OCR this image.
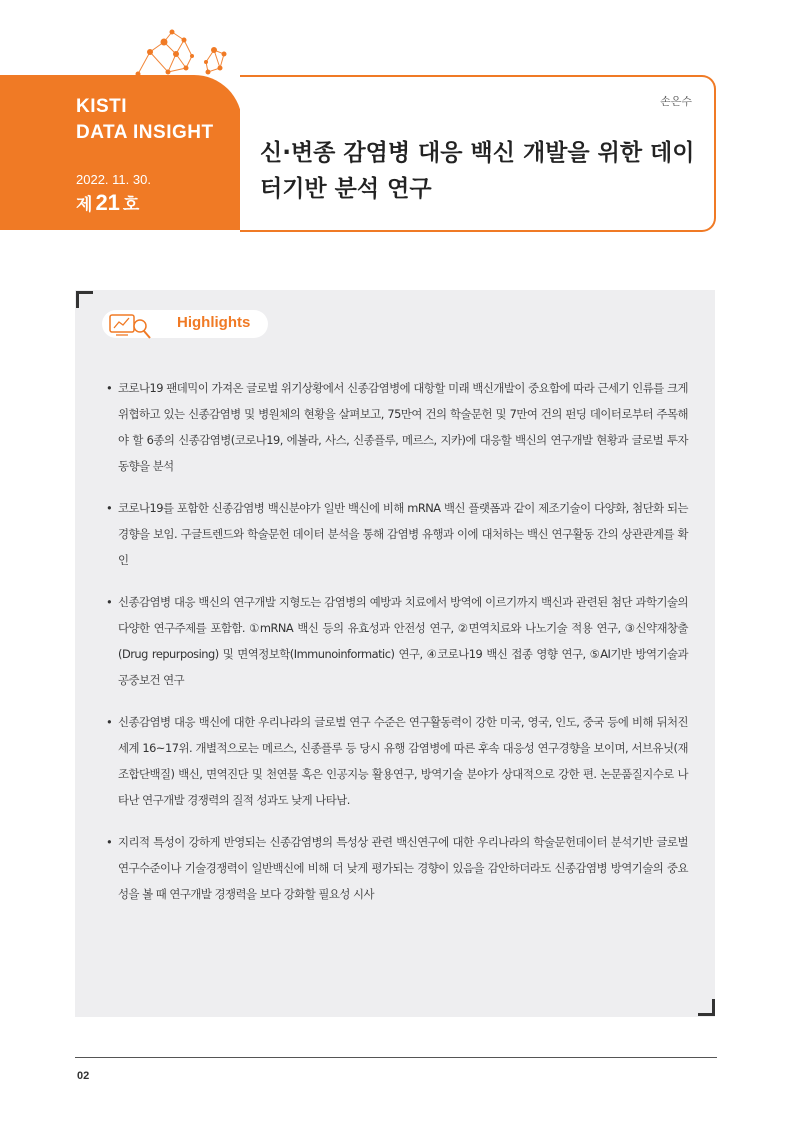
KISTI
DATA INSIGHT
2022. 11. 30.
제 21 호
손은수
신·변종 감염병 대응 백신 개발을 위한 데이터기반 분석 연구
Highlights
• 코로나19 팬데믹이 가져온 글로벌 위기상황에서 신종감염병에 대항할 미래 백신개발이 중요함에 따라 근세기 인류를 크게 위협하고 있는 신종감염병 및 병원체의 현황을 살펴보고, 75만여 건의 학술문헌 및 7만여 건의 펀딩 데이터로부터 주목해야 할 6종의 신종감염병(코로나19, 에볼라, 사스, 신종플루, 메르스, 지카)에 대응할 백신의 연구개발 현황과 글로벌 투자 동향을 분석
• 코로나19를 포함한 신종감염병 백신분야가 일반 백신에 비해 mRNA 백신 플랫폼과 같이 제조기술이 다양화, 첨단화 되는 경향을 보임. 구글트렌드와 학술문헌 데이터 분석을 통해 감염병 유행과 이에 대처하는 백신 연구활동 간의 상관관계를 확인
• 신종감염병 대응 백신의 연구개발 지형도는 감염병의 예방과 치료에서 방역에 이르기까지 백신과 관련된 첨단 과학기술의 다양한 연구주제를 포함함. ①mRNA 백신 등의 유효성과 안전성 연구, ②면역치료와 나노기술 적용 연구, ③신약재창출(Drug repurposing) 및 면역정보학(Immunoinformatic) 연구, ④코로나19 백신 접종 영향 연구, ⑤AI기반 방역기술과 공중보건 연구
• 신종감염병 대응 백신에 대한 우리나라의 글로벌 연구 수준은 연구활동력이 강한 미국, 영국, 인도, 중국 등에 비해 뒤처진 세계 16~17위. 개별적으로는 메르스, 신종플루 등 당시 유행 감염병에 따른 후속 대응성 연구경향을 보이며, 서브유닛(재조합단백질) 백신, 면역진단 및 천연물 혹은 인공지능 활용연구, 방역기술 분야가 상대적으로 강한 편. 논문품질지수로 나타난 연구개발 경쟁력의 질적 성과도 낮게 나타남.
• 지리적 특성이 강하게 반영되는 신종감염병의 특성상 관련 백신연구에 대한 우리나라의 학술문헌데이터 분석기반 글로벌 연구수준이나 기술경쟁력이 일반백신에 비해 더 낮게 평가되는 경향이 있음을 감안하더라도 신종감염병 방역기술의 중요성을 볼 때 연구개발 경쟁력을 보다 강화할 필요성 시사
02
